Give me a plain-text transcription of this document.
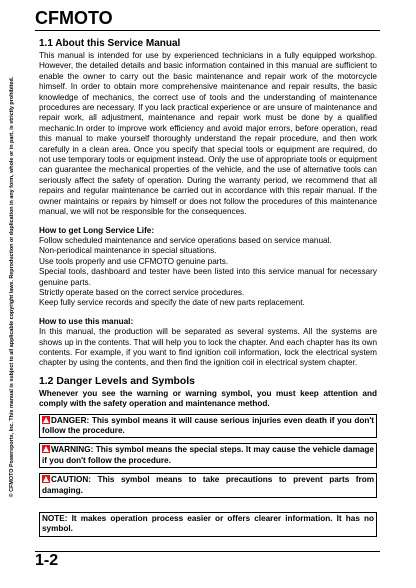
CFMOTO
© CFMOTO Powersports, Inc. This manual is subject to all applicable copyright laws. Reproduction or duplication in any form, whole or in part, is strictly prohibited.
1.1 About this Service Manual

This manual is intended for use by experienced technicians in a fully equipped workshop. However, the detailed details and basic information contained in this manual are sufficient to enable the owner to carry out the basic maintenance and repair work of the motorcycle himself. In order to obtain more comprehensive maintenance and repair results, the basic knowledge of mechanics, the correct use of tools and the understanding of maintenance procedures are necessary. If you lack practical experience or are unsure of maintenance and repair work, all adjustment, maintenance and repair work must be done by a qualified mechanic.In order to improve work efficiency and avoid major errors, before operation, read this manual to make yourself thoroughly understand the repair procedure, and then work carefully in a clean area. Once you specify that special tools or equipment are required, do not use temporary tools or equipment instead. Only the use of appropriate tools or equipment can guarantee the mechanical properties of the vehicle, and the use of alternative tools can seriously affect the safety of operation. During the warranty period, we recommend that all repairs and regular maintenance be carried out in accordance with this repair manual. If the owner maintains or repairs by himself or does not follow the procedures of this maintenance manual, we will not be responsible for the consequences.

How to get Long Service Life:

Follow scheduled maintenance and service operations based on service manual.

Non-periodical maintenance in special situations.

Use tools properly and use CFMOTO genuine parts.

Special tools, dashboard and tester have been listed into this service manual for necessary genuine parts.

Strictly operate based on the correct service procedures.

Keep fully service records and specify the date of new parts replacement.

How to use this manual:

In this manual, the production will be separated as several systems. All the systems are shows up in the contents. That will help you to lock the chapter. And each chapter has its own contents. For example, if you want to find ignition coil information, lock the electrical system chapter by using the contents, and then find the ignition coil in electrical system chapter.

1.2 Danger Levels and Symbols

Whenever you see the warning or warning symbol, you must keep attention and comply with the safety operation and maintenance method.

DANGER: This symbol means it will cause serious injuries even death if you don't follow the procedure.
WARNING: This symbol means the special steps. It may cause the vehicle damage if you don't follow the procedure.
CAUTION: This symbol means to take precautions to prevent parts from damaging.
NOTE: It makes operation process easier or offers clearer information. It has no symbol.
1-2
